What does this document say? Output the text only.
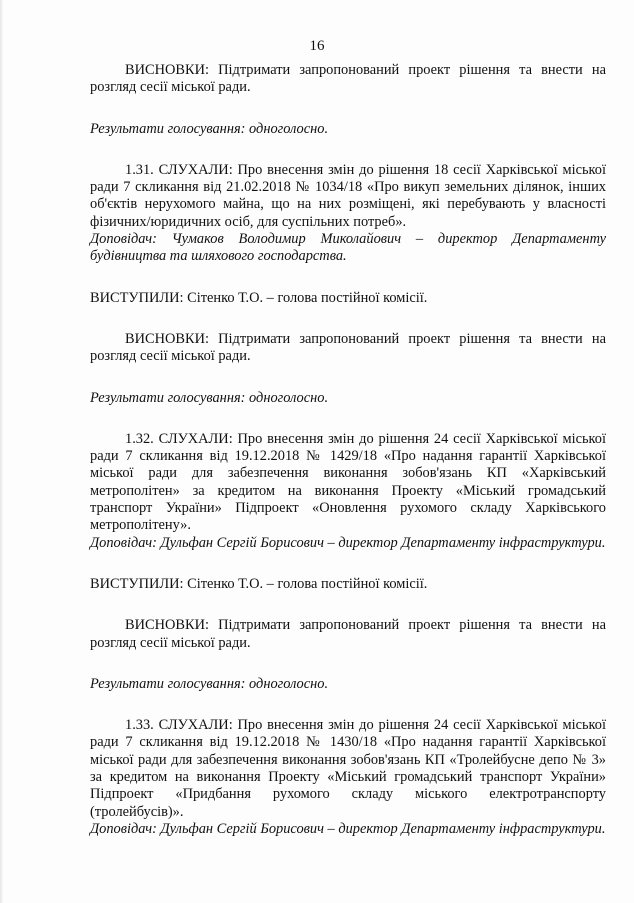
16

ВИСНОВКИ: Підтримати запропонований проект рішення та внести на розгляд сесії міської ради.

Результати голосування: одноголосно.

1.31. СЛУХАЛИ: Про внесення змін до рішення 18 сесії Харківської міської ради 7 скликання від 21.02.2018 № 1034/18 «Про викуп земельних ділянок, інших об'єктів нерухомого майна, що на них розміщені, які перебувають у власності фізичних/юридичних осіб, для суспільних потреб».

Доповідач: Чумаков Володимир Миколайович – директор Департаменту будівництва та шляхового господарства.

ВИСТУПИЛИ: Сітенко Т.О. – голова постійної комісії.

ВИСНОВКИ: Підтримати запропонований проект рішення та внести на розгляд сесії міської ради.

Результати голосування: одноголосно.

1.32. СЛУХАЛИ: Про внесення змін до рішення 24 сесії Харківської міської ради 7 скликання від 19.12.2018 № 1429/18 «Про надання гарантії Харківської міської ради для забезпечення виконання зобов'язань КП «Харківський метрополітен» за кредитом на виконання Проекту «Міський громадський транспорт України» Підпроект «Оновлення рухомого складу Харківського метрополітену».

Доповідач: Дульфан Сергій Борисович – директор Департаменту інфраструктури.

ВИСТУПИЛИ: Сітенко Т.О. – голова постійної комісії.

ВИСНОВКИ: Підтримати запропонований проект рішення та внести на розгляд сесії міської ради.

Результати голосування: одноголосно.

1.33. СЛУХАЛИ: Про внесення змін до рішення 24 сесії Харківської міської ради 7 скликання від 19.12.2018 № 1430/18 «Про надання гарантії Харківської міської ради для забезпечення виконання зобов'язань КП «Тролейбусне депо № 3» за кредитом на виконання Проекту «Міський громадський транспорт України» Підпроект «Придбання рухомого складу міського електротранспорту (тролейбусів)».

Доповідач: Дульфан Сергій Борисович – директор Департаменту інфраструктури.
